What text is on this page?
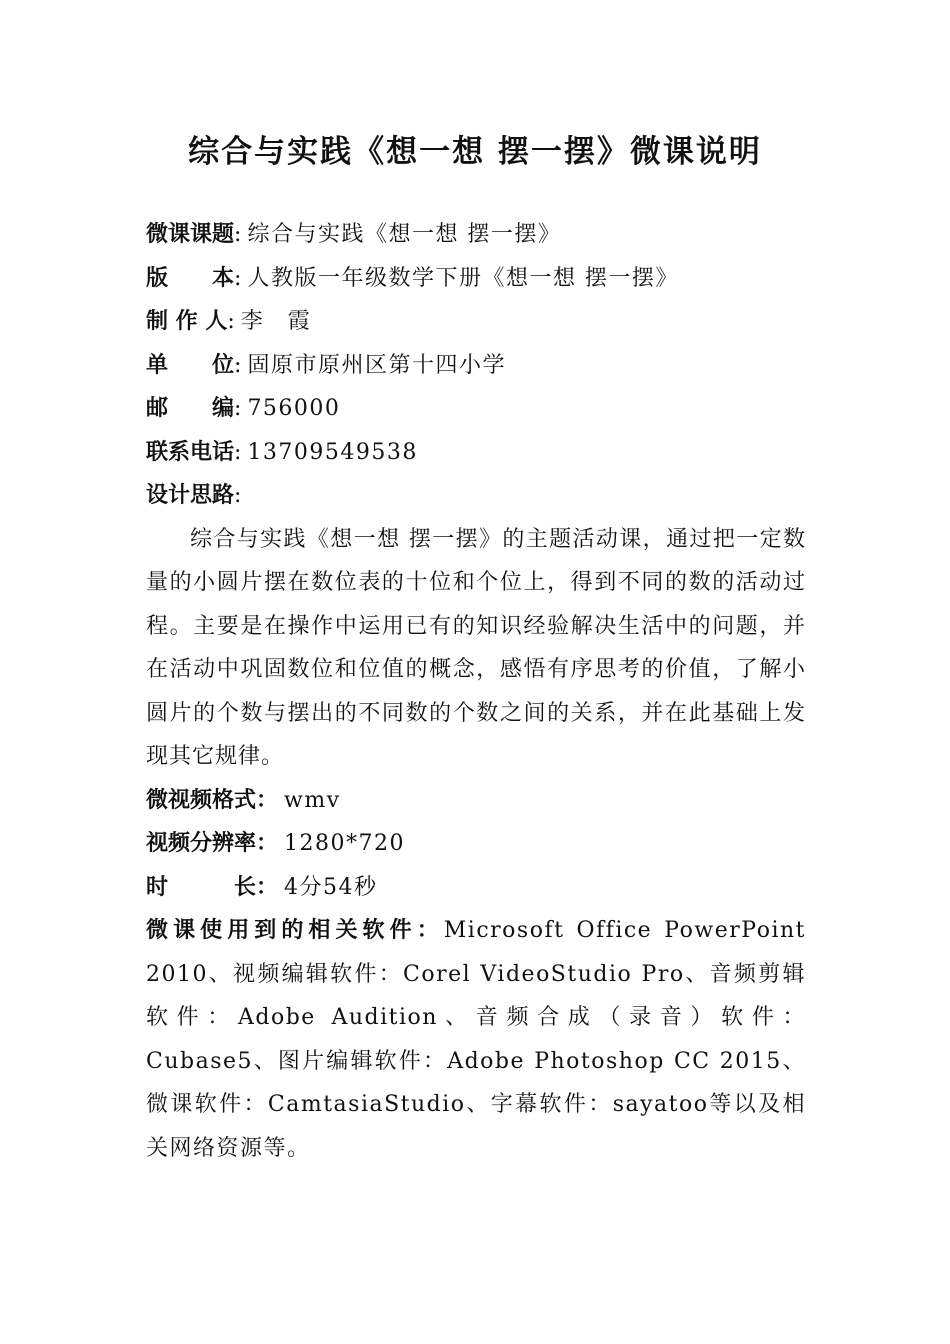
综合与实践《想一想 摆一摆》微课说明
微课课题: 综合与实践《想一想 摆一摆》
版　　本: 人教版一年级数学下册《想一想 摆一摆》
制 作 人: 李　霞
单　　位: 固原市原州区第十四小学
邮　　编: 756000
联系电话: 13709549538
设计思路:

综合与实践《想一想 摆一摆》的主题活动课，通过把一定数量的小圆片摆在数位表的十位和个位上，得到不同的数的活动过程。主要是在操作中运用已有的知识经验解决生活中的问题，并在活动中巩固数位和位值的概念，感悟有序思考的价值，了解小圆片的个数与摆出的不同数的个数之间的关系，并在此基础上发现其它规律。

微视频格式： wmv
视频分辨率： 1280*720
时　　　长： 4分54秒

微课使用到的相关软件：Microsoft Office PowerPoint 2010、视频编辑软件：Corel VideoStudio Pro、音频剪辑软件：Adobe Audition、音频合成（录音）软件：Cubase5、图片编辑软件：Adobe Photoshop CC 2015、微课软件：CamtasiaStudio、字幕软件：sayatoo等以及相关网络资源等。
